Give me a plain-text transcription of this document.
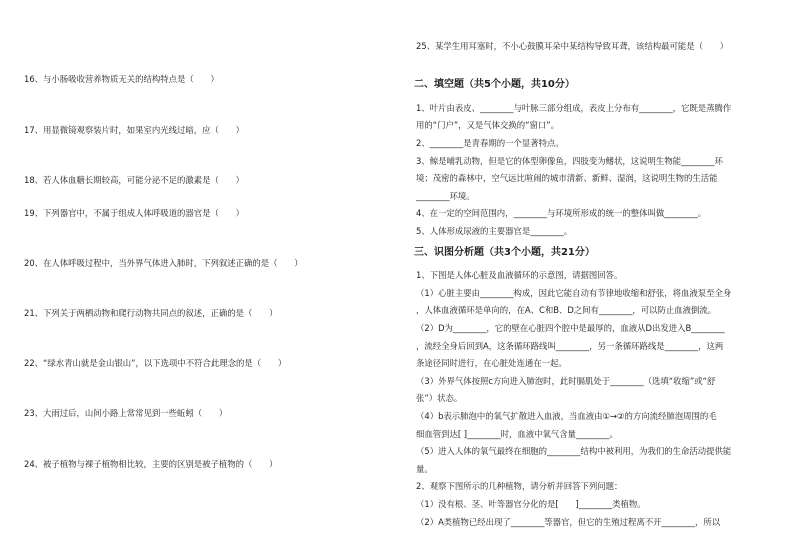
16、与小肠吸收营养物质无关的结构特点是（　　）
17、用显微镜观察装片时，如果室内光线过暗，应（　　）
18、若人体血糖长期较高，可能分泌不足的激素是（　　）
19、下列器官中，不属于组成人体呼吸道的器官是（　　）
20、在人体呼吸过程中，当外界气体进入肺时，下列叙述正确的是（　　）
21、下列关于两栖动物和爬行动物共同点的叙述，正确的是（　　）
22、“绿水青山就是金山银山”，以下选项中不符合此理念的是（　　）
23、大雨过后，山间小路上常常见到一些蚯蚓（　　）
24、被子植物与裸子植物相比较，主要的区别是被子植物的（　　）
25、某学生用耳塞时，不小心鼓膜耳朵中某结构导致耳聋，该结构最可能是（　　）
二、填空题（共5个小题，共10分）
1、叶片由表皮、________与叶脉三部分组成，表皮上分布有________，它既是蒸腾作
用的“门户”，又是气体交换的“窗口”。
2、________是青春期的一个显著特点。
3、鲸是哺乳动物，但是它的体型卵像鱼，四肢变为鳍状，这说明生物能________环
境；茂密的森林中，空气远比喧闹的城市清新、新鲜、湿润，这说明生物的生活能
________环境。
4、在一定的空间范围内，________与环境所形成的统一的整体叫做________。
5、人体形成尿液的主要器官是________。
三、识图分析题（共3个小题，共21分）
1、下图是人体心脏及血液循环的示意图，请据图回答。
（1）心脏主要由________构成，因此它能自动有节律地收缩和舒张，将血液泵至全身
，人体血液循环是单向的，在A、C和B、D之间有________，可以防止血液倒流。
（2）D为________，它的壁在心脏四个腔中是最厚的，血液从D出发进入B________
，流经全身后回到A，这条循环路线叫________，另一条循环路线是________，这两
条途径同时进行，在心脏处连通在一起。
（3）外界气体按照c方向进入肺泡时，此时膈肌处于________（选填“收缩”或“舒
张”）状态。
（4）b表示肺泡中的氧气扩散进入血液，当血液由①→②的方向流经肺泡周围的毛
细血管到达[ ]________时，血液中氧气含量________。
（5）进入人体的氧气最终在细胞的________结构中被利用，为我们的生命活动提供能
量。
2、观察下图所示的几种植物，请分析并回答下列问题：
（1）没有根、茎、叶等器官分化的是[　　]________类植物。
（2）A类植物已经出现了________等器官，但它的生殖过程离不开________，所以
